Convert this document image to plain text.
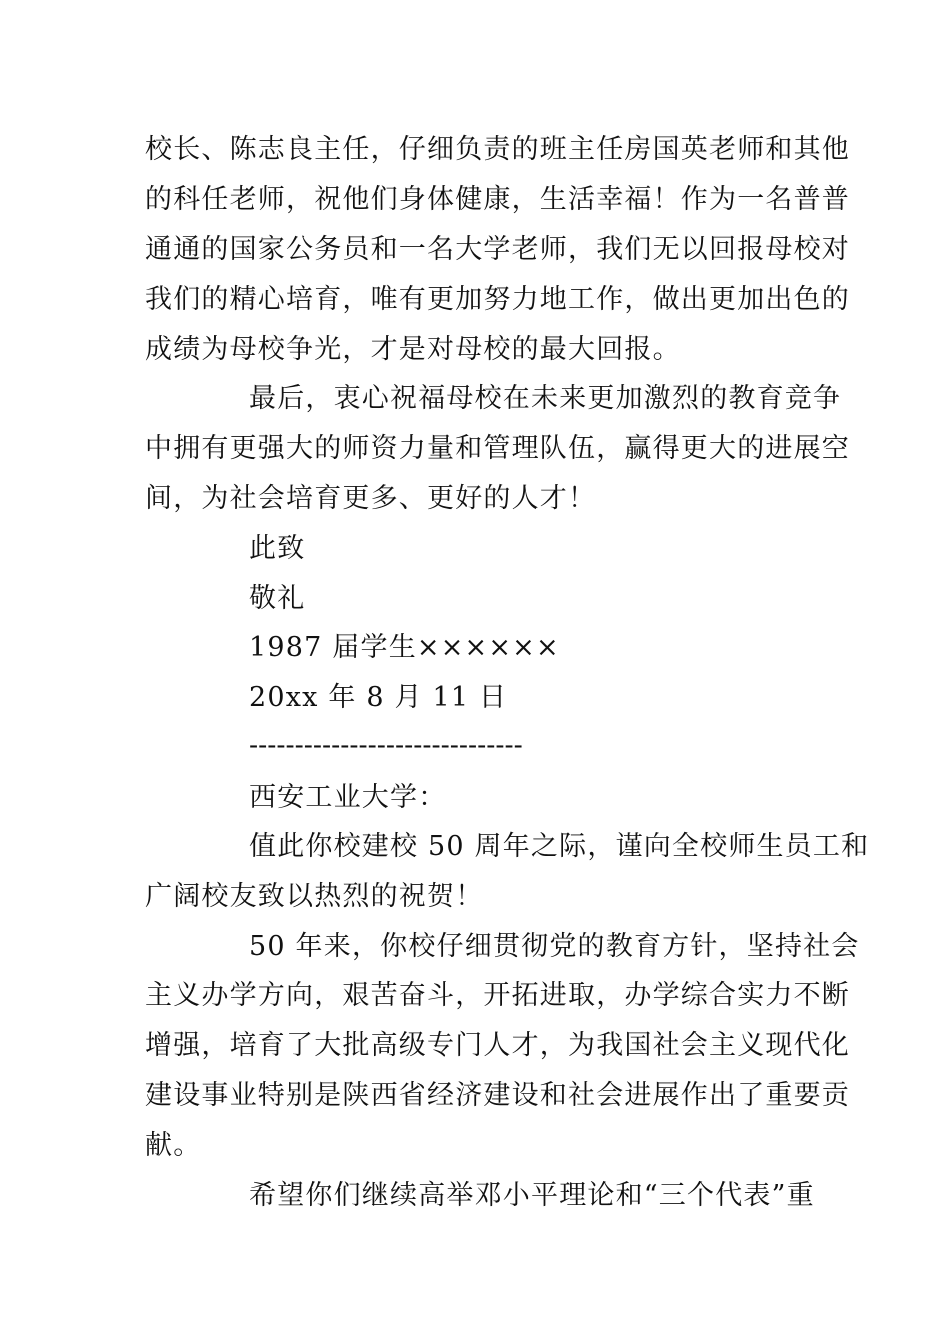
校长、陈志良主任，仔细负责的班主任房国英老师和其他
的科任老师，祝他们身体健康，生活幸福！作为一名普普
通通的国家公务员和一名大学老师，我们无以回报母校对
我们的精心培育，唯有更加努力地工作，做出更加出色的
成绩为母校争光，才是对母校的最大回报。
最后，衷心祝福母校在未来更加激烈的教育竞争
中拥有更强大的师资力量和管理队伍，赢得更大的进展空
间，为社会培育更多、更好的人才！
此致
敬礼
1987 届学生××××××
20xx 年 8 月 11 日
------------------------------
西安工业大学：
值此你校建校 50 周年之际，谨向全校师生员工和
广阔校友致以热烈的祝贺！
50 年来，你校仔细贯彻党的教育方针，坚持社会
主义办学方向，艰苦奋斗，开拓进取，办学综合实力不断
增强，培育了大批高级专门人才，为我国社会主义现代化
建设事业特别是陕西省经济建设和社会进展作出了重要贡
献。
希望你们继续高举邓小平理论和“三个代表”重
